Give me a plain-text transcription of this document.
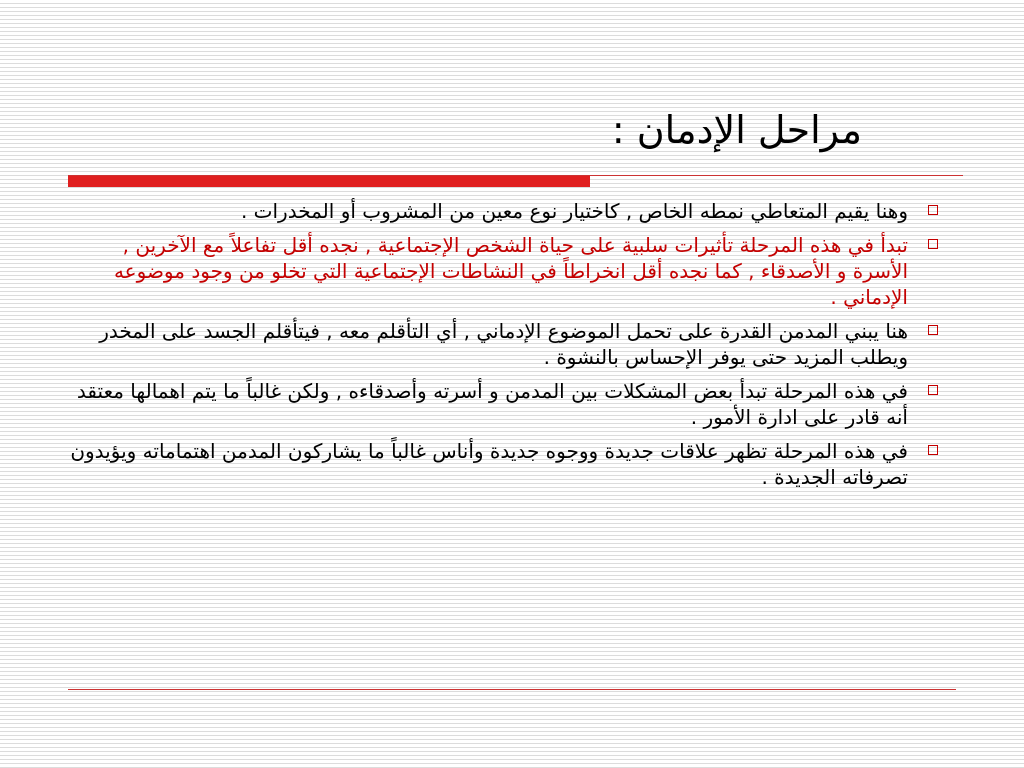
مراحل الإدمان :
وهنا يقيم المتعاطي نمطه الخاص , كاختيار نوع معين من المشروب أو المخدرات .
تبدأ في هذه المرحلة تأثيرات سلبية على حياة الشخص الإجتماعية , نجده أقل تفاعلاً مع الآخرين , الأسرة و الأصدقاء , كما نجده أقل انخراطاً في النشاطات الإجتماعية التي تخلو من وجود موضوعه الإدماني .
هنا يبني المدمن القدرة على تحمل الموضوع الإدماني , أي التأقلم معه , فيتأقلم الجسد على المخدر ويطلب المزيد حتى يوفر الإحساس بالنشوة .
في هذه المرحلة تبدأ بعض المشكلات بين المدمن و أسرته وأصدقاءه , ولكن غالباً ما يتم اهمالها معتقد أنه قادر على ادارة الأمور .
في هذه المرحلة تظهر علاقات جديدة ووجوه جديدة وأناس غالباً ما يشاركون المدمن اهتماماته ويؤيدون تصرفاته الجديدة .
